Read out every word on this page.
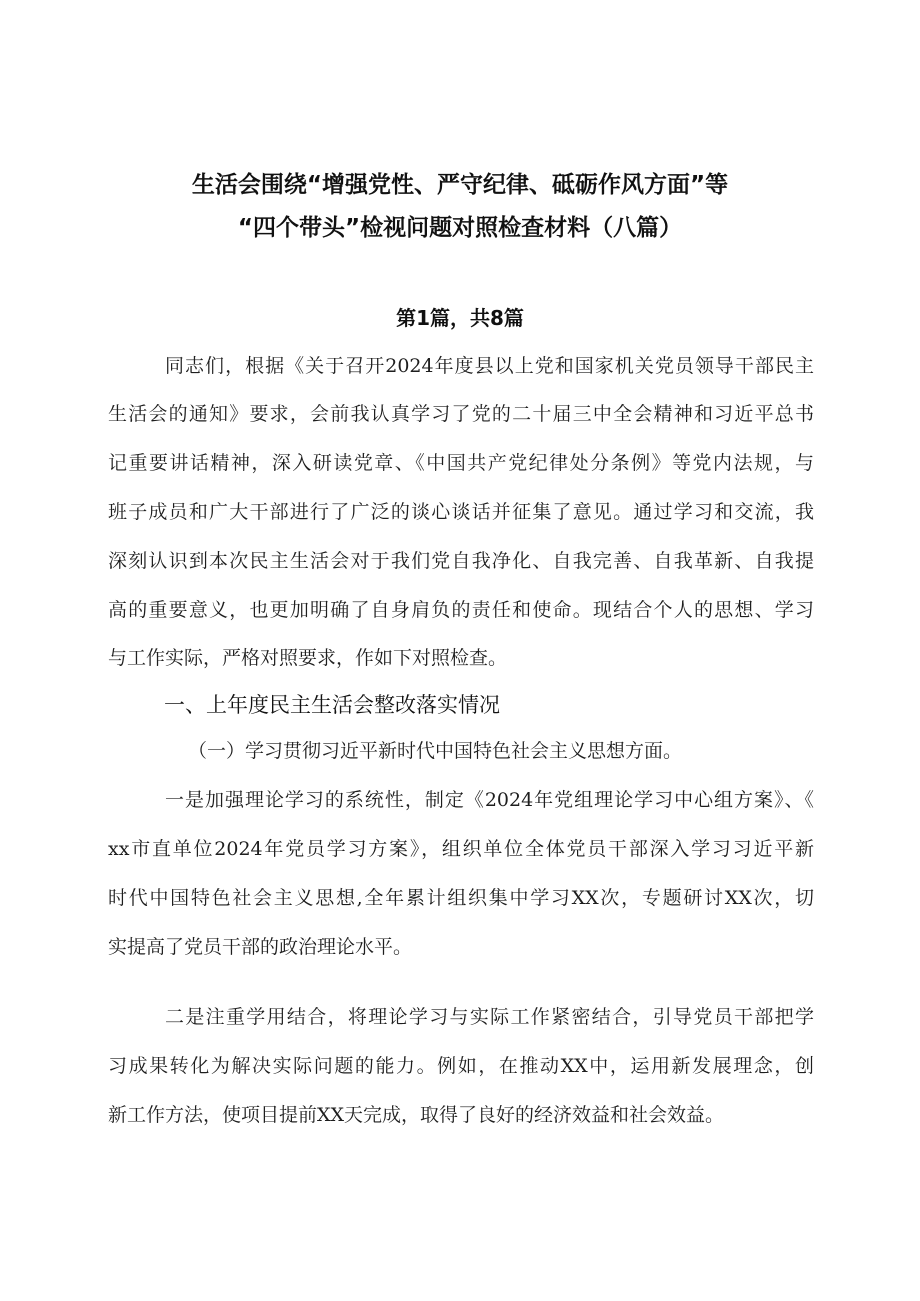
生活会围绕“增强党性、严守纪律、砥砺作风方面”等
“四个带头”检视问题对照检查材料（八篇）
第1篇，共8篇
同志们，根据《关于召开2024年度县以上党和国家机关党员领导干部民主
生活会的通知》要求，会前我认真学习了党的二十届三中全会精神和习近平总书
记重要讲话精神，深入研读党章、《中国共产党纪律处分条例》等党内法规，与
班子成员和广大干部进行了广泛的谈心谈话并征集了意见。通过学习和交流，我
深刻认识到本次民主生活会对于我们党自我净化、自我完善、自我革新、自我提
高的重要意义，也更加明确了自身肩负的责任和使命。现结合个人的思想、学习
与工作实际，严格对照要求，作如下对照检查。
一、上年度民主生活会整改落实情况
（一）学习贯彻习近平新时代中国特色社会主义思想方面。
一是加强理论学习的系统性，制定《2024年党组理论学习中心组方案》、《
xx市直单位2024年党员学习方案》，组织单位全体党员干部深入学习习近平新
时代中国特色社会主义思想,全年累计组织集中学习XX次，专题研讨XX次，切
实提高了党员干部的政治理论水平。
二是注重学用结合，将理论学习与实际工作紧密结合，引导党员干部把学
习成果转化为解决实际问题的能力。例如，在推动XX中，运用新发展理念，创
新工作方法，使项目提前XX天完成，取得了良好的经济效益和社会效益。
